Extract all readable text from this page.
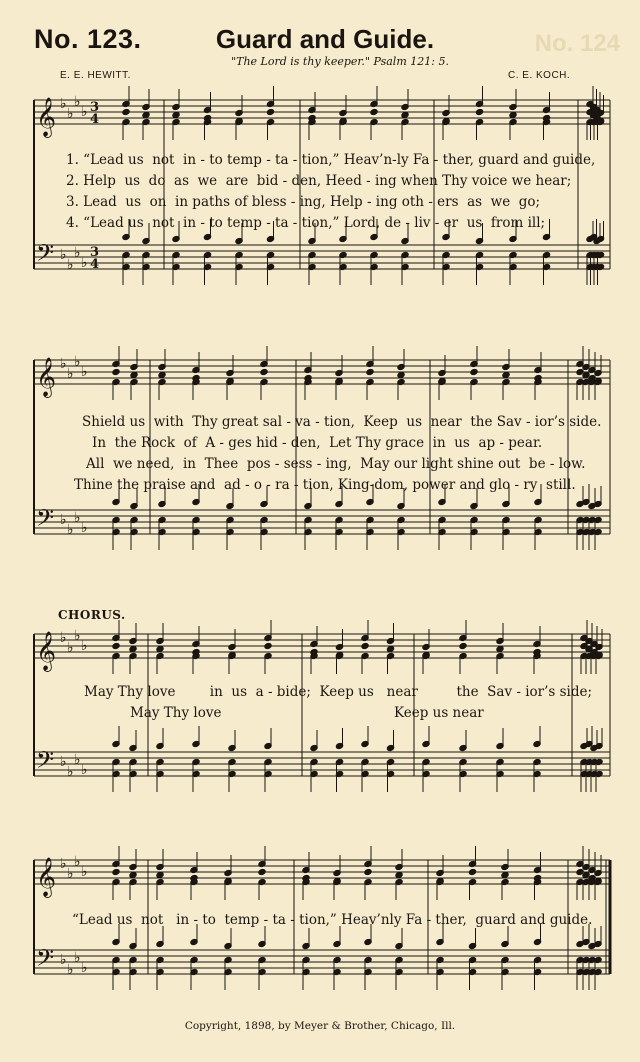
No. 124
No. 123.	Guard and Guide.
"The Lord is thy keeper." Psalm 121: 5.
E. E. HEWITT.	C. E. KOCH.
𝄞
𝄢
♭
♭
♭
♭
♭
♭
♭
♭
3
4
3
4
1. “Lead us  not  in - to temp - ta - tion,” Heav’n-ly Fa - ther, guard and guide,
2. Help  us  do  as  we  are  bid - den, Heed - ing when Thy voice we hear;
3. Lead  us  on  in paths of bless - ing, Help - ing oth - ers  as  we  go;
4. “Lead us  not  in - to temp - ta - tion,” Lord, de - liv - er  us  from ill;
𝄞
𝄢
♭
♭
♭
♭
♭
♭
♭
♭
Shield us  with  Thy great sal - va - tion,  Keep  us  near  the Sav - ior’s side.
In  the Rock  of  A - ges hid - den,  Let Thy grace  in  us  ap - pear.
All  we need,  in  Thee  pos - sess - ing,  May our light shine out  be - low.
Thine the praise and  ad - o - ra - tion, King-dom, power and glo - ry  still.
CHORUS.
𝄞
𝄢
♭
♭
♭
♭
♭
♭
♭
♭
May Thy love        in  us  a - bide;  Keep us   near         the  Sav - ior’s side;
May Thy love	Keep us near
𝄞
𝄢
♭
♭
♭
♭
♭
♭
♭
♭
“Lead us  not   in - to  temp - ta - tion,” Heav’nly Fa - ther,  guard and guide.
Copyright, 1898, by Meyer & Brother, Chicago, Ill.
